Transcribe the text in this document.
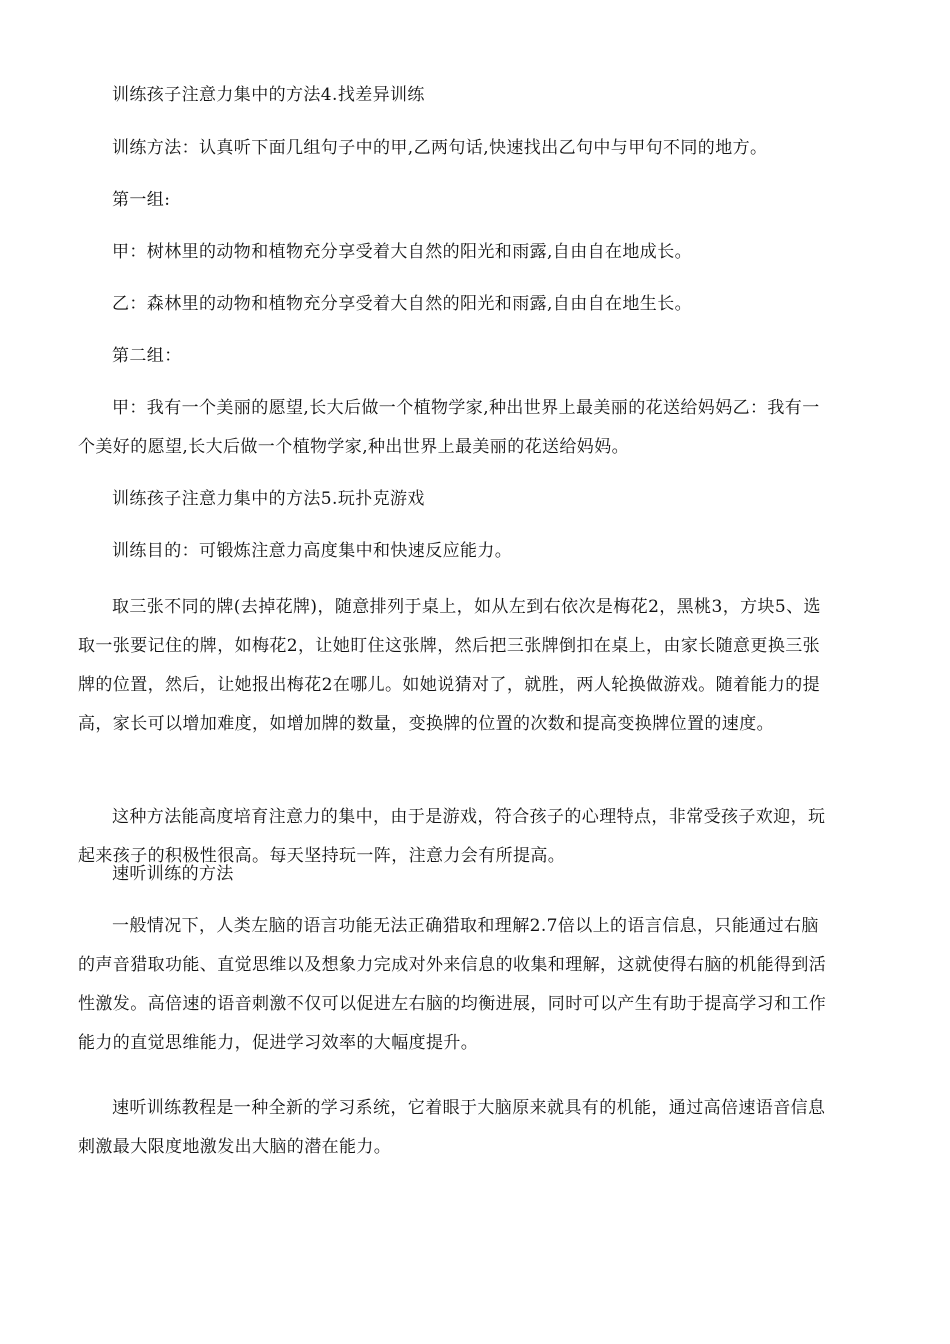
训练孩子注意力集中的方法4.找差异训练
训练方法：认真听下面几组句子中的甲,乙两句话,快速找出乙句中与甲句不同的地方。
第一组:
甲：树林里的动物和植物充分享受着大自然的阳光和雨露,自由自在地成长。
乙：森林里的动物和植物充分享受着大自然的阳光和雨露,自由自在地生长。
第二组：
甲：我有一个美丽的愿望,长大后做一个植物学家,种出世界上最美丽的花送给妈妈乙：我有一
个美好的愿望,长大后做一个植物学家,种出世界上最美丽的花送给妈妈。
训练孩子注意力集中的方法5.玩扑克游戏
训练目的：可锻炼注意力高度集中和快速反应能力。
取三张不同的牌(去掉花牌)，随意排列于桌上，如从左到右依次是梅花2，黑桃3，方块5、选
取一张要记住的牌，如梅花2，让她盯住这张牌，然后把三张牌倒扣在桌上，由家长随意更换三张
牌的位置，然后，让她报出梅花2在哪儿。如她说猜对了，就胜，两人轮换做游戏。随着能力的提
高，家长可以增加难度，如增加牌的数量，变换牌的位置的次数和提高变换牌位置的速度。
这种方法能高度培育注意力的集中，由于是游戏，符合孩子的心理特点，非常受孩子欢迎，玩
起来孩子的积极性很高。每天坚持玩一阵，注意力会有所提高。
速听训练的方法
一般情况下，人类左脑的语言功能无法正确猎取和理解2.7倍以上的语言信息，只能通过右脑
的声音猎取功能、直觉思维以及想象力完成对外来信息的收集和理解，这就使得右脑的机能得到活
性激发。高倍速的语音刺激不仅可以促进左右脑的均衡进展，同时可以产生有助于提高学习和工作
能力的直觉思维能力，促进学习效率的大幅度提升。
速听训练教程是一种全新的学习系统，它着眼于大脑原来就具有的机能，通过高倍速语音信息
刺激最大限度地激发出大脑的潜在能力。
